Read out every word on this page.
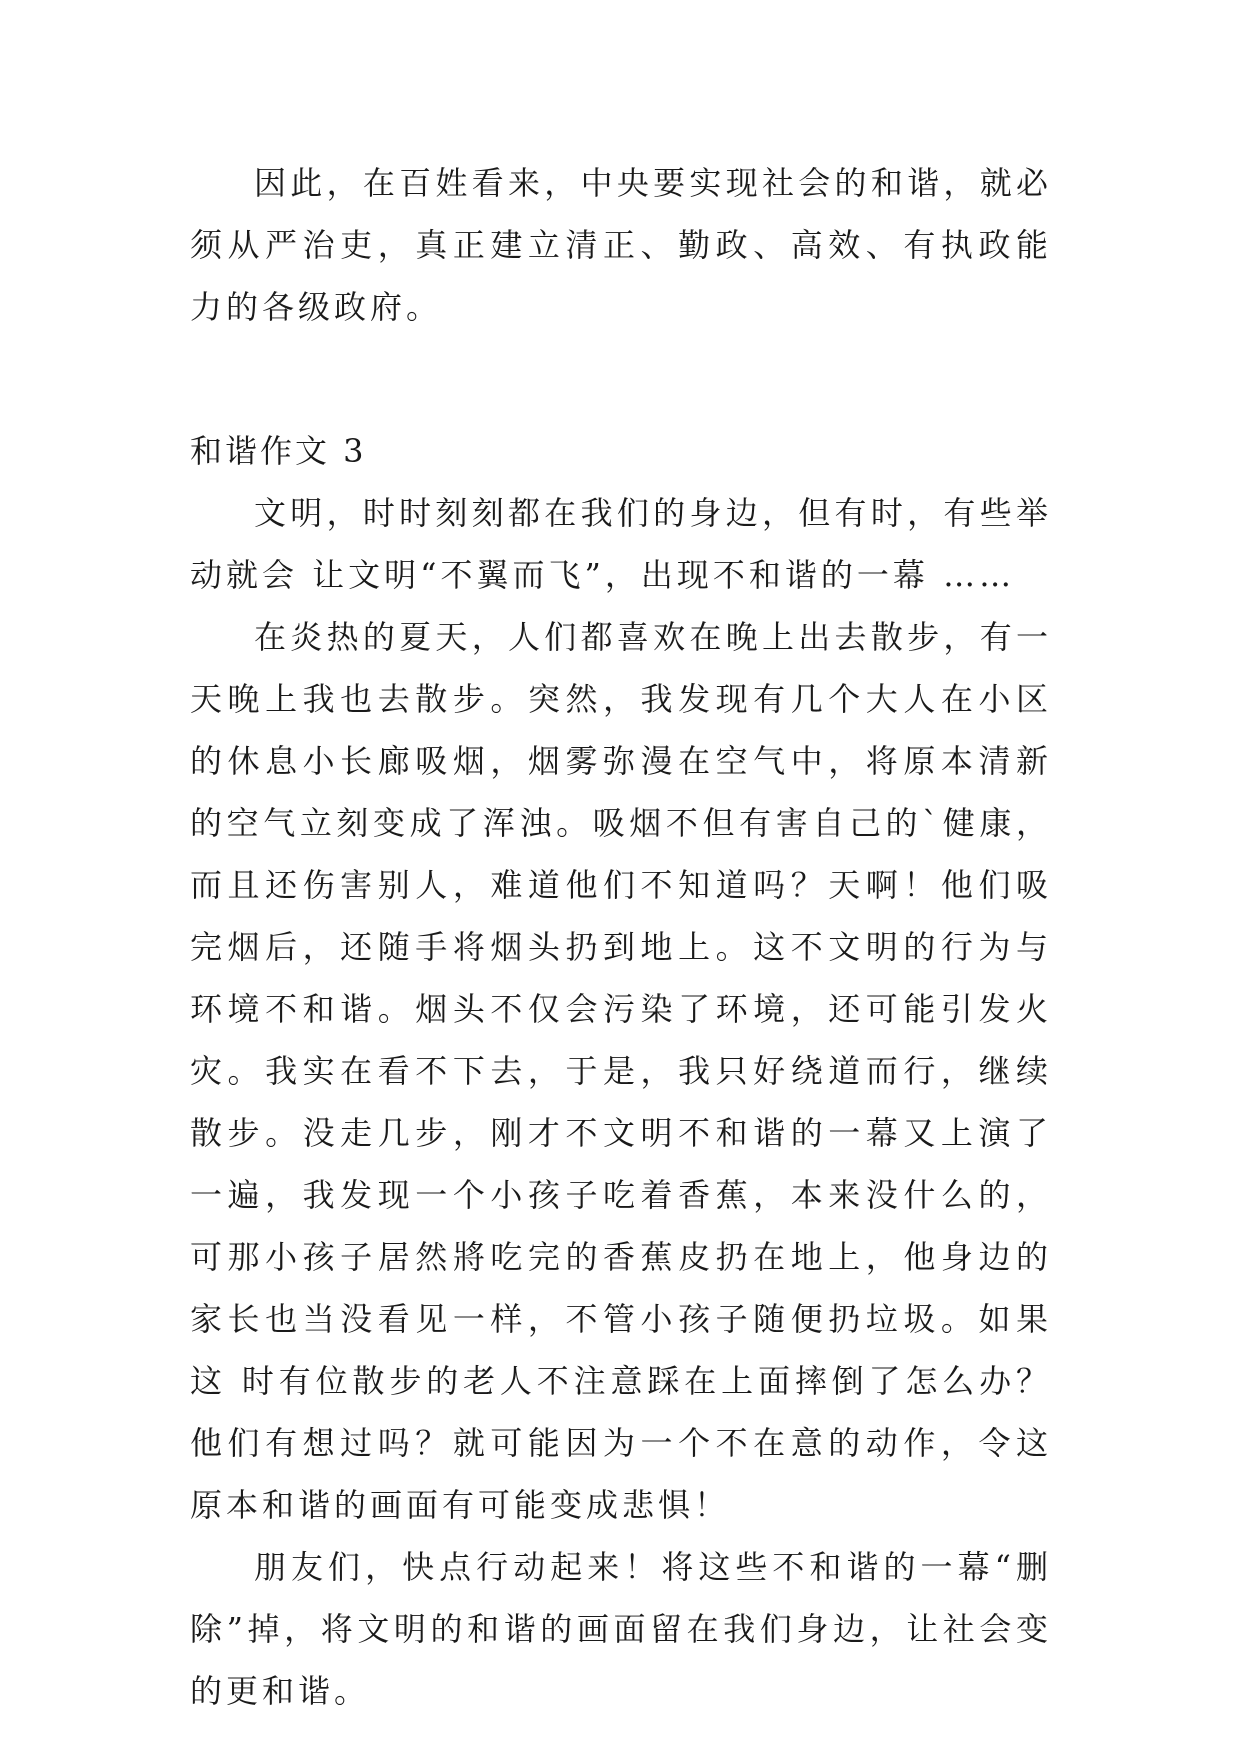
因此，在百姓看来，中央要实现社会的和谐，就必须从严治吏，真正建立清正、勤政、高效、有执政能力的各级政府。

和谐作文 3

文明，时时刻刻都在我们的身边，但有时，有些举动就会 让文明“不翼而飞”，出现不和谐的一幕 ……

在炎热的夏天，人们都喜欢在晚上出去散步，有一天晚上我也去散步。突然，我发现有几个大人在小区的休息小长廊吸烟，烟雾弥漫在空气中，将原本清新的空气立刻变成了浑浊。吸烟不但有害自己的`健康，而且还伤害别人，难道他们不知道吗？天啊！他们吸完烟后，还随手将烟头扔到地上。这不文明的行为与环境不和谐。烟头不仅会污染了环境，还可能引发火灾。我实在看不下去，于是，我只好绕道而行，继续散步。没走几步，刚才不文明不和谐的一幕又上演了一遍，我发现一个小孩子吃着香蕉，本来没什么的，可那小孩子居然將吃完的香蕉皮扔在地上，他身边的家长也当没看见一样，不管小孩子随便扔垃圾。如果这 时有位散步的老人不注意踩在上面摔倒了怎么办？他们有想过吗？就可能因为一个不在意的动作，令这原本和谐的画面有可能变成悲惧！

朋友们，快点行动起来！将这些不和谐的一幕“删除”掉，将文明的和谐的画面留在我们身边，让社会变的更和谐。
